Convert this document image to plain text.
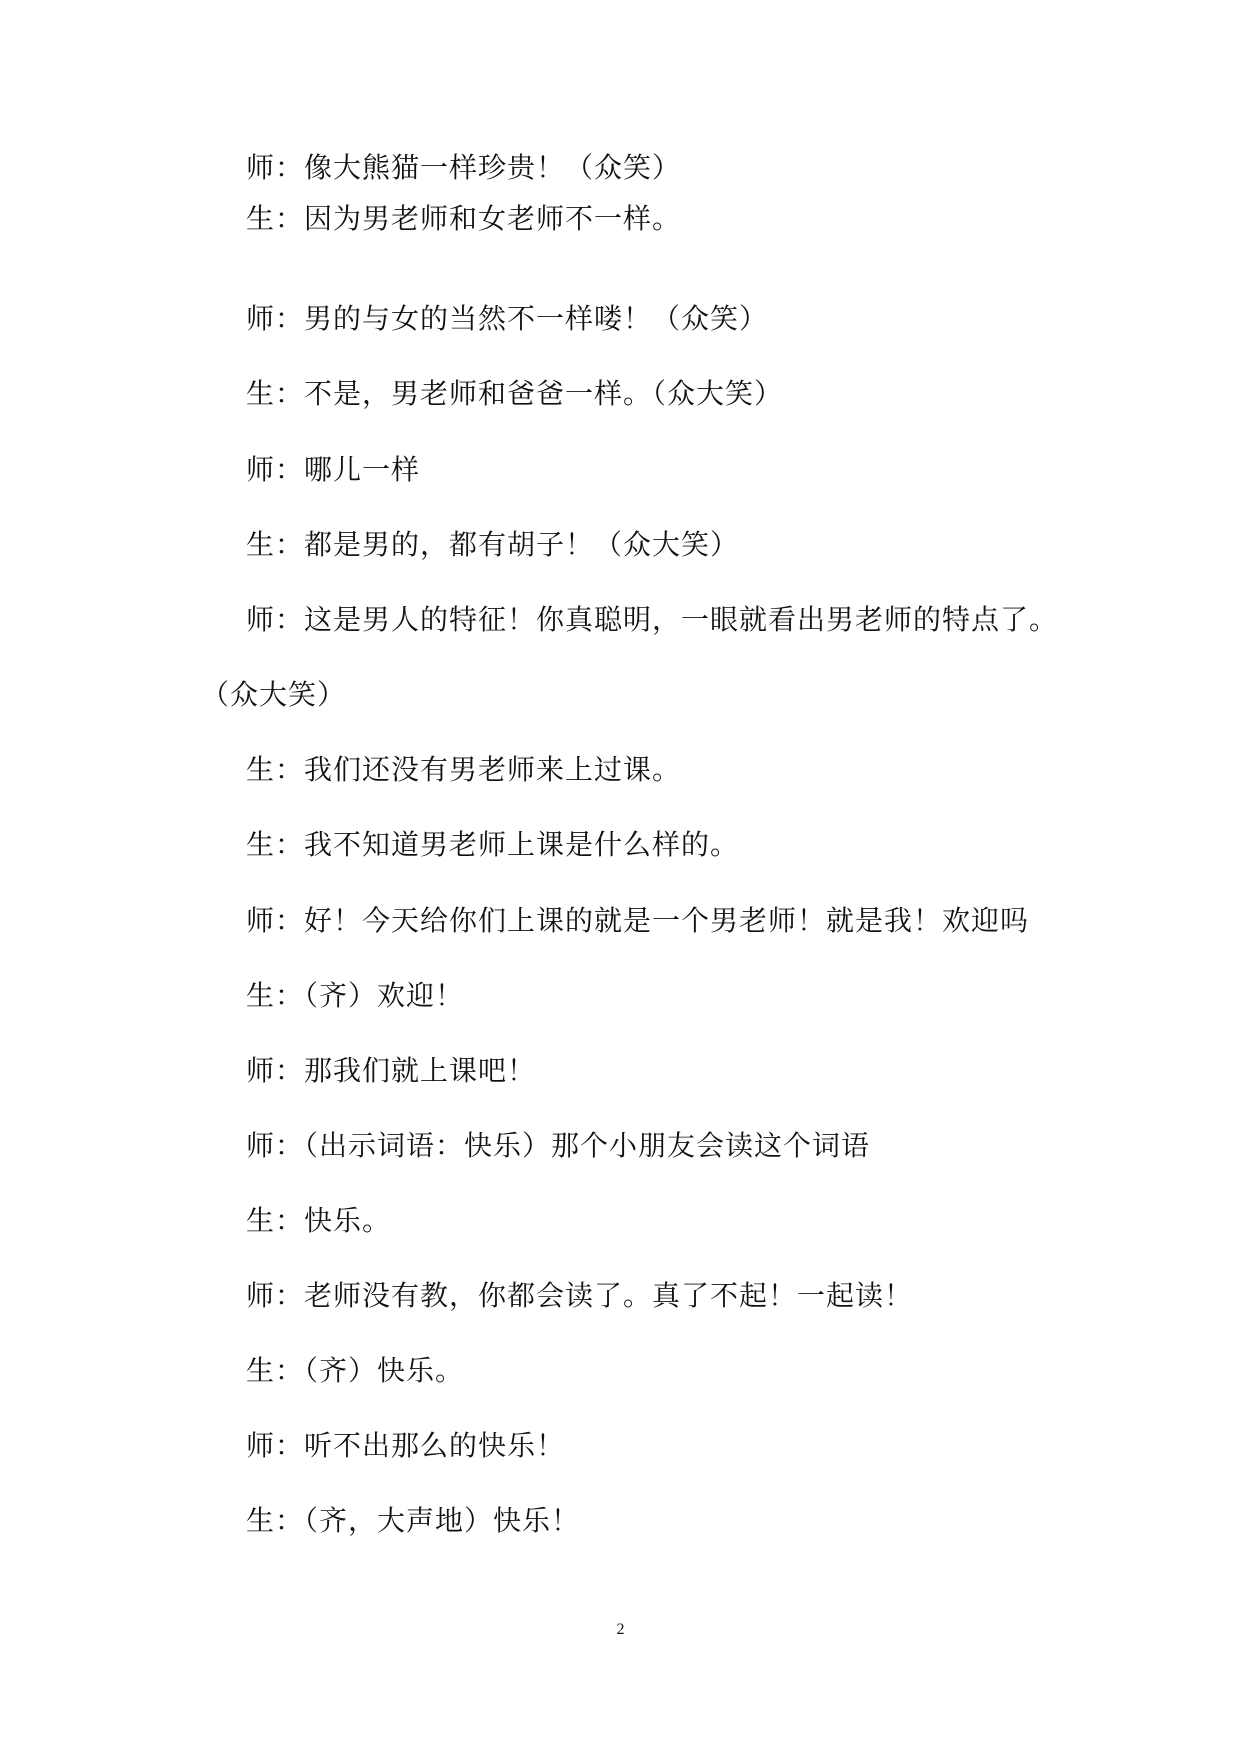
师：像大熊猫一样珍贵！（众笑）
生：因为男老师和女老师不一样。
师：男的与女的当然不一样喽！（众笑）
生：不是，男老师和爸爸一样。（众大笑）
师：哪儿一样
生：都是男的，都有胡子！（众大笑）
师：这是男人的特征！你真聪明，一眼就看出男老师的特点了。
（众大笑）
生：我们还没有男老师来上过课。
生：我不知道男老师上课是什么样的。
师：好！今天给你们上课的就是一个男老师！就是我！欢迎吗
生：（齐）欢迎！
师：那我们就上课吧！
师：（出示词语：快乐）那个小朋友会读这个词语
生：快乐。
师：老师没有教，你都会读了。真了不起！一起读！
生：（齐）快乐。
师：听不出那么的快乐！
生：（齐，大声地）快乐！
2
